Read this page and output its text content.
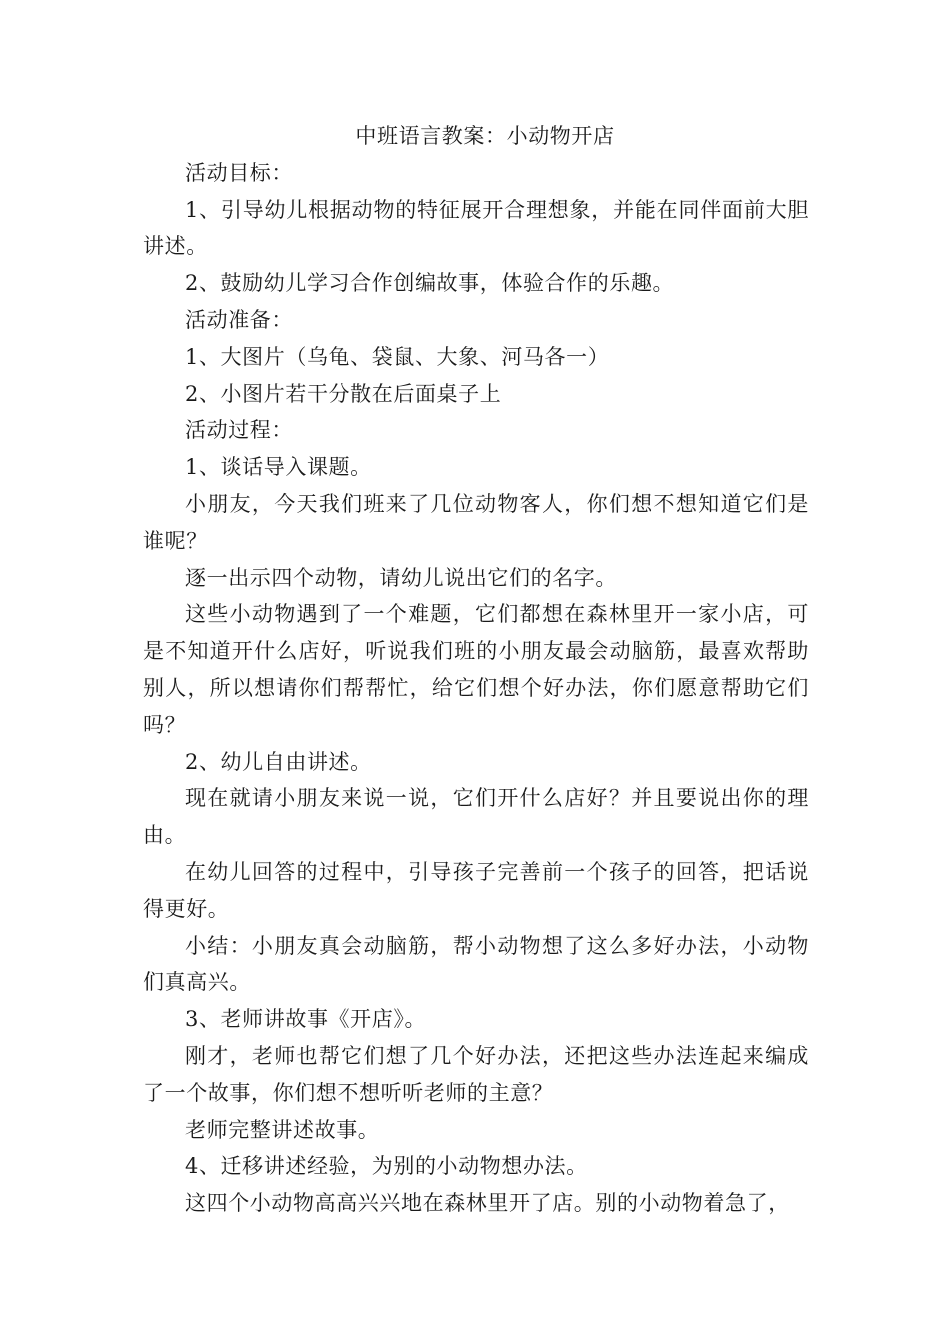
中班语言教案：小动物开店

活动目标：

1、引导幼儿根据动物的特征展开合理想象，并能在同伴面前大胆讲述。

2、鼓励幼儿学习合作创编故事，体验合作的乐趣。

活动准备：

1、大图片（乌龟、袋鼠、大象、河马各一）

2、小图片若干分散在后面桌子上

活动过程：

1、谈话导入课题。

小朋友，今天我们班来了几位动物客人，你们想不想知道它们是谁呢？

逐一出示四个动物，请幼儿说出它们的名字。

这些小动物遇到了一个难题，它们都想在森林里开一家小店，可是不知道开什么店好，听说我们班的小朋友最会动脑筋，最喜欢帮助别人，所以想请你们帮帮忙，给它们想个好办法，你们愿意帮助它们吗？

2、幼儿自由讲述。

现在就请小朋友来说一说，它们开什么店好？并且要说出你的理由。

在幼儿回答的过程中，引导孩子完善前一个孩子的回答，把话说得更好。

小结：小朋友真会动脑筋，帮小动物想了这么多好办法，小动物们真高兴。

3、老师讲故事《开店》。

刚才，老师也帮它们想了几个好办法，还把这些办法连起来编成了一个故事，你们想不想听听老师的主意？

老师完整讲述故事。

4、迁移讲述经验，为别的小动物想办法。

这四个小动物高高兴兴地在森林里开了店。别的小动物着急了，
